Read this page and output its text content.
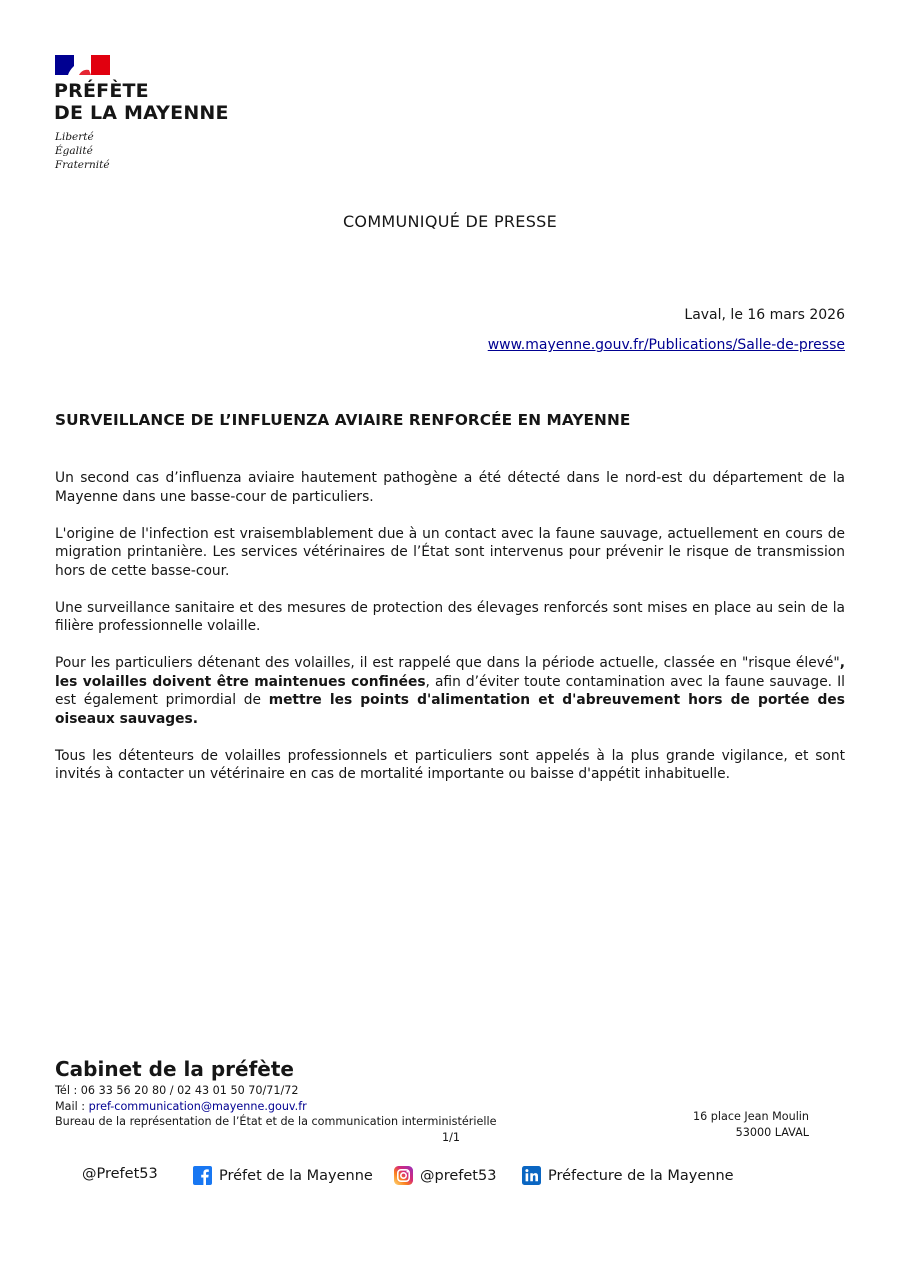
PRÉFÈTE
DE LA MAYENNE
Liberté
Égalité
Fraternité
COMMUNIQUÉ DE PRESSE
Laval, le 16 mars 2026
www.mayenne.gouv.fr/Publications/Salle-de-presse
SURVEILLANCE DE L’INFLUENZA AVIAIRE RENFORCÉE EN MAYENNE

Un second cas d’influenza aviaire hautement pathogène a été détecté dans le nord-est du département de la Mayenne dans une basse-cour de particuliers.

L'origine de l'infection est vraisemblablement due à un contact avec la faune sauvage, actuellement en cours de migration printanière. Les services vétérinaires de l’État sont intervenus pour prévenir le risque de transmission hors de cette basse-cour.

Une surveillance sanitaire et des mesures de protection des élevages renforcés sont mises en place au sein de la filière professionnelle volaille.

Pour les particuliers détenant des volailles, il est rappelé que dans la période actuelle, classée en "risque élevé", les volailles doivent être maintenues confinées, afin d’éviter toute contamination avec la faune sauvage. Il est également primordial de mettre les points d'alimentation et d'abreuvement hors de portée des oiseaux sauvages.

Tous les détenteurs de volailles professionnels et particuliers sont appelés à la plus grande vigilance, et sont invités à contacter un vétérinaire en cas de mortalité importante ou baisse d'appétit inhabituelle.

Cabinet de la préfète
Tél : 06 33 56 20 80 / 02 43 01 50 70/71/72
Mail : pref-communication@mayenne.gouv.fr
Bureau de la représentation de l’État et de la communication interministérielle
1/1
16 place Jean Moulin
53000 LAVAL
@Prefet53	Préfet de la Mayenne	@prefet53	Préfecture de la Mayenne
